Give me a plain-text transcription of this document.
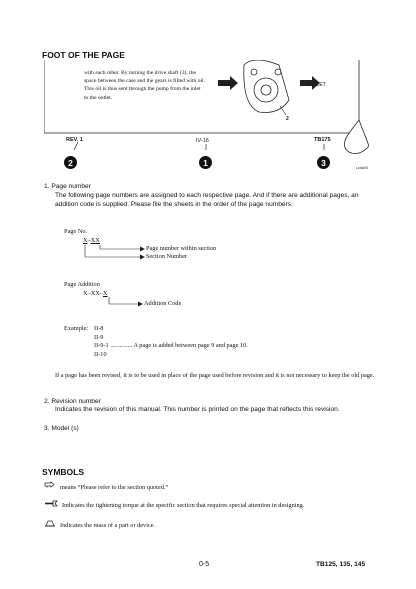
FOOT OF THE PAGE
with each other. By turning the drive shaft (3), the
space between the case and the gears is filled with oil.
This oil is thus sent through the pump from the inlet
to the outlet.
INLET	OUTLET
2
REV. 1	IV-16	TB175
2	1	3
Lz4cl00
1. Page number
The following page numbers are assigned to each respective page. And if there are additional pages, an addition code is supplied. Please file the sheets in the order of the page numbers.
Page No.
X–XX
Page number within section
Section Number
Page Addition
X–XX–X
Addition Code
Example: II-8
II-9
II-9-1 .............. A page is added between page 9 and page 10.
II-10
If a page has been revised, it is to be used in place of the page used before revision and it is not necessary to keep the old page.
2. Revision number
Indicates the revision of this manual. This number is printed on the page that reflects this revision.
3. Model (s)
SYMBOLS
means “Please refer to the section quoted.”
Indicates the tightening torque at the specific section that requires special attention in designing.
Indicates the mass of a part or device.
0-5	TB125, 135, 145
